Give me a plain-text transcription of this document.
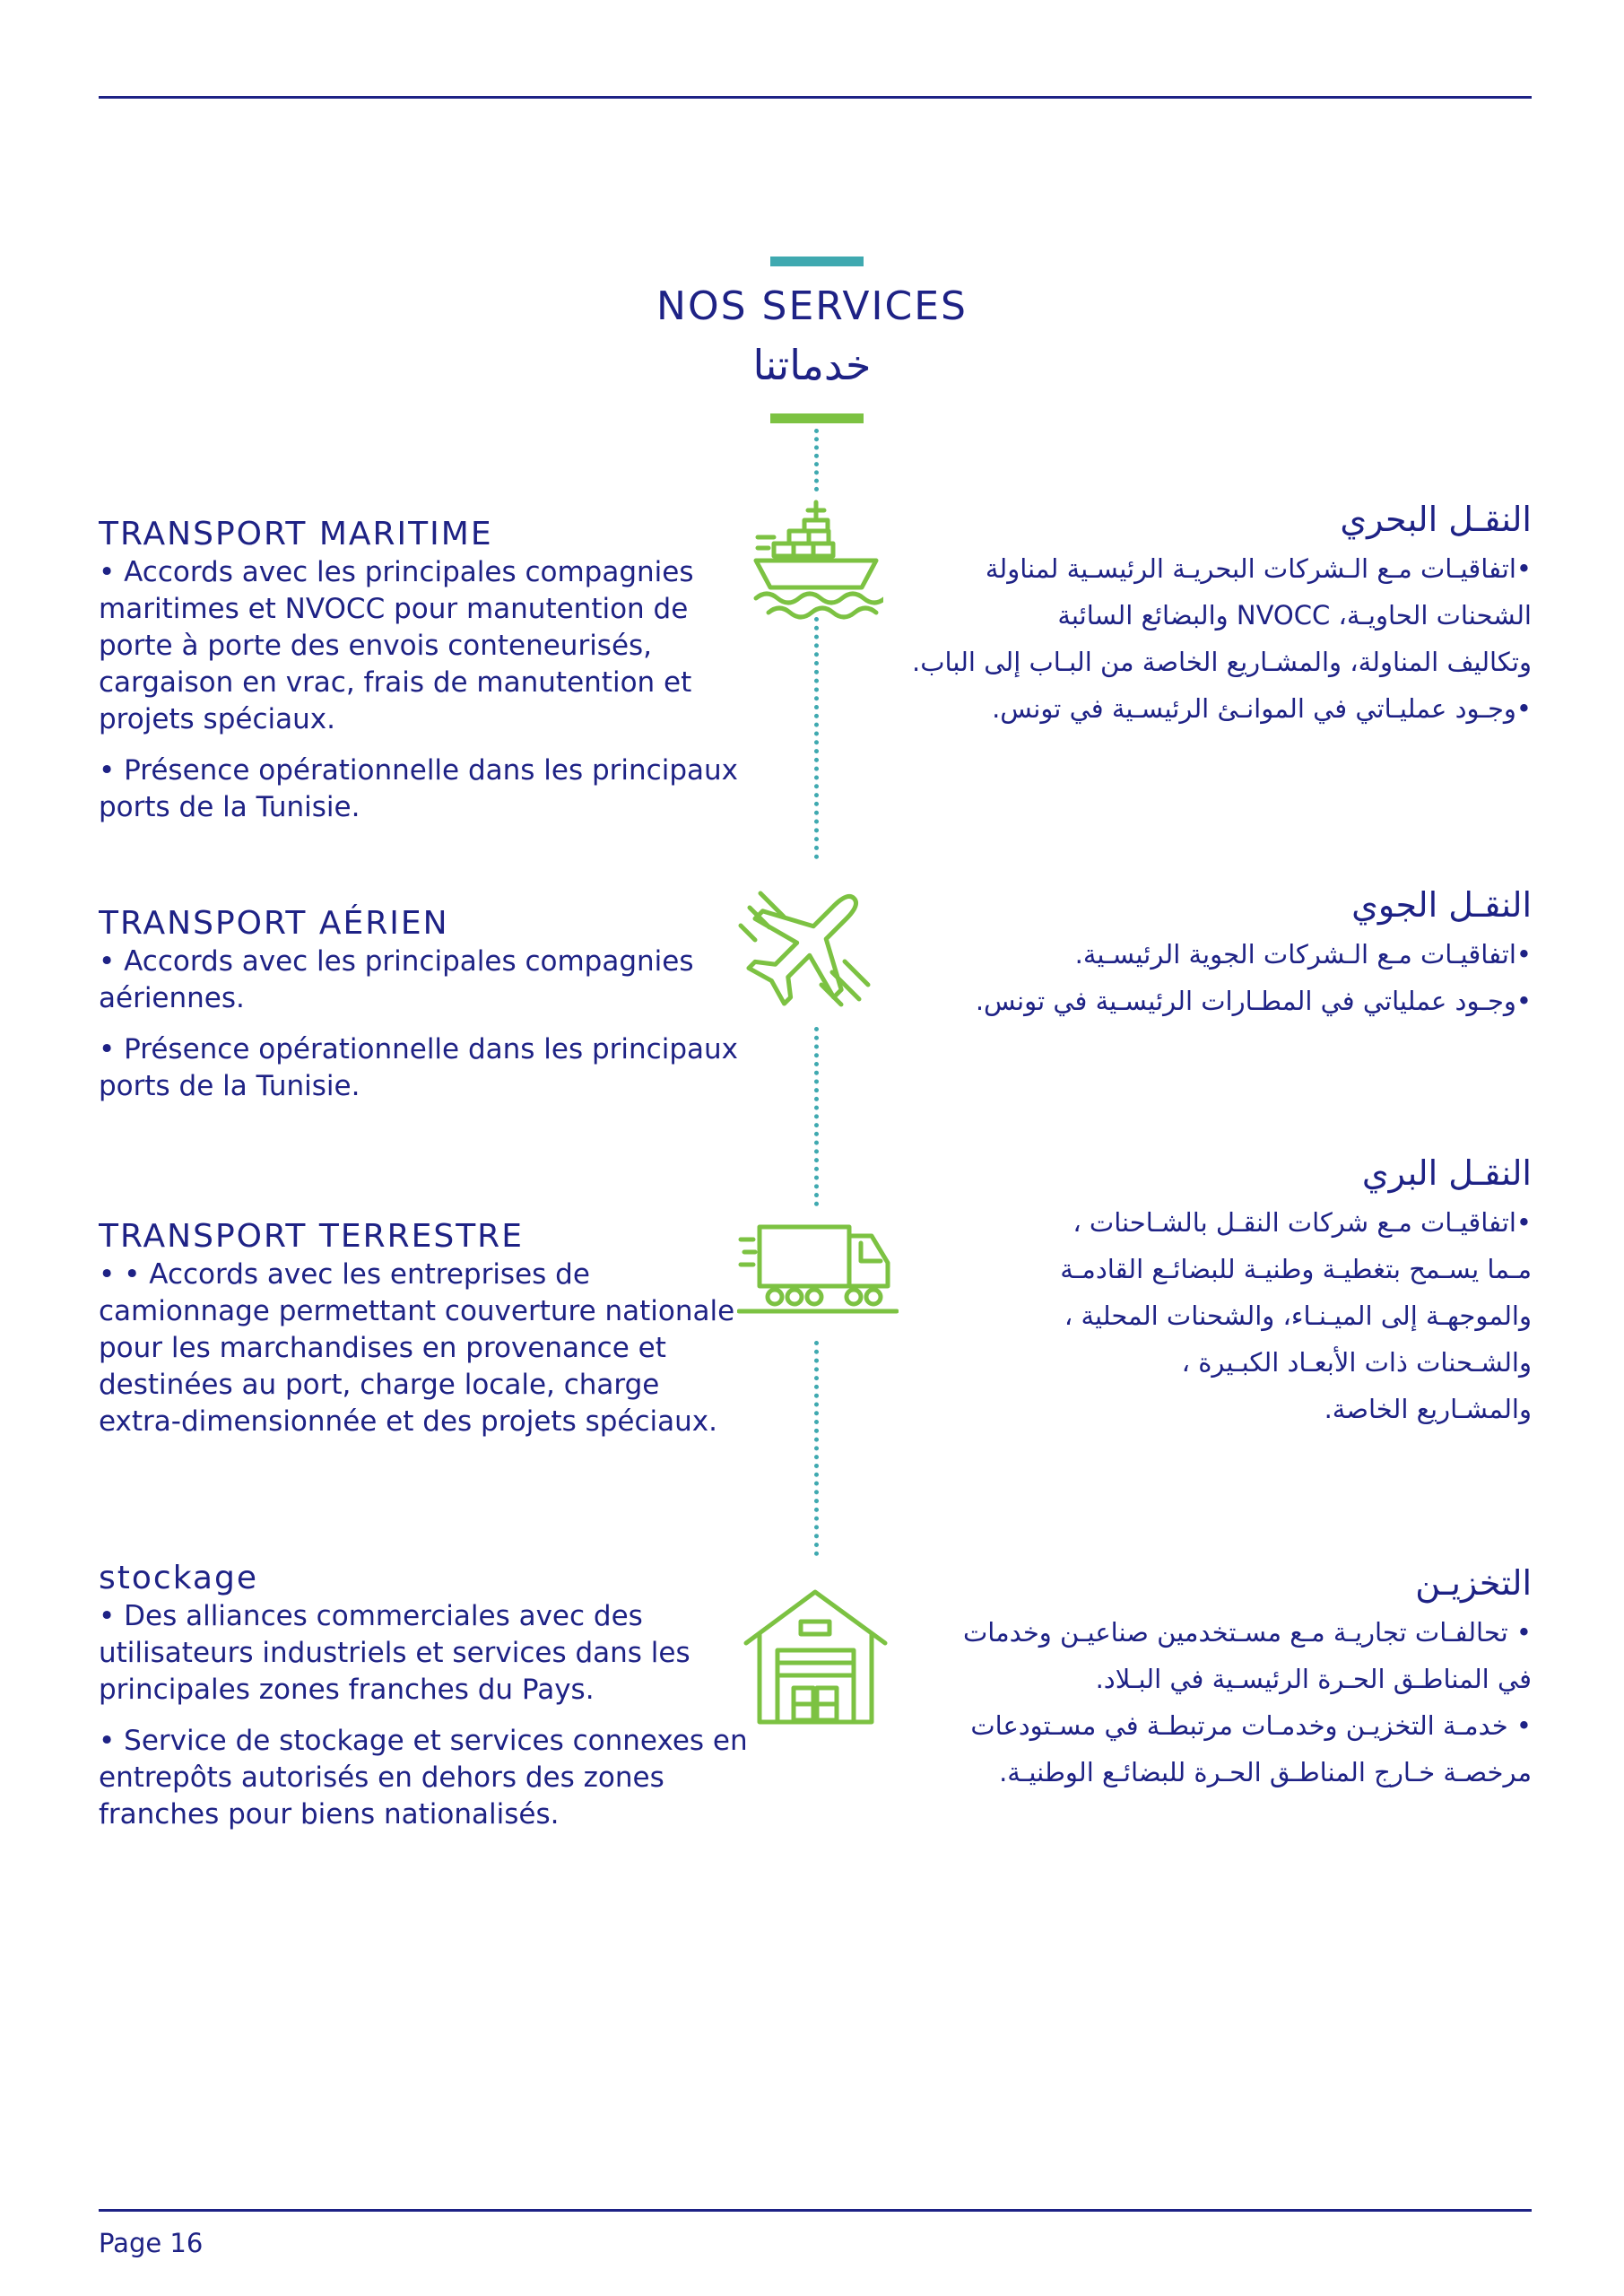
NOS SERVICES
خدماتنا
TRANSPORT MARITIME

• Accords avec les principales compagnies maritimes et NVOCC pour manutention de porte à porte des envois conteneurisés, cargaison en vrac, frais de manutention et projets spéciaux.

• Présence opérationnelle dans les principaux ports de la Tunisie.

النقـل البحري

•اتفاقيـات مـع الـشركات البحريـة الرئيسـية لمناولة

الشحنات الحاويـة، NVOCC والبضائع السائبة

وتكاليف المناولة، والمشـاريع الخاصة من البـاب إلى الباب.

•وجـود عمليـاتي في الموانـئ الرئيسـية في تونس.

TRANSPORT AÉRIEN

• Accords avec les principales compagnies aériennes.

• Présence opérationnelle dans les principaux ports de la Tunisie.

النقـل الجوي

•اتفاقيـات مـع الـشركات الجوية الرئيسـية.

•وجـود عملياتي في المطـارات الرئيسـية في تونس.

TRANSPORT TERRESTRE

• • Accords avec les entreprises de camionnage permettant couverture nationale pour les marchandises en provenance et destinées au port, charge locale, charge extra-dimensionnée et des projets spéciaux.

النقـل البري

•اتفاقيـات مـع شركات النقـل بالشـاحنات ،

مـما يسـمح بتغطيـة وطنيـة للبضائـع القادمـة

والموجهـة إلى الميـنـاء، والشحنات المحلية ،

والشـحنات ذات الأبعـاد الكبـيرة ،

والمشـاريع الخاصة.

stockage

• Des alliances commerciales avec des utilisateurs industriels et services dans les principales zones franches du Pays.

• Service de stockage et services connexes en entrepôts autorisés en dehors des zones franches pour biens nationalisés.

التخزيـن

• تحالفـات تجاريـة مـع مسـتخدمين صناعيـن وخدمات

في المناطـق الحـرة الرئيسـية في البـلاد.

• خدمـة التخزيـن وخدمـات مرتبطـة في مسـتودعات

مرخصـة خـارج المناطـق الحـرة للبضائـع الوطنيـة.

Page 16
